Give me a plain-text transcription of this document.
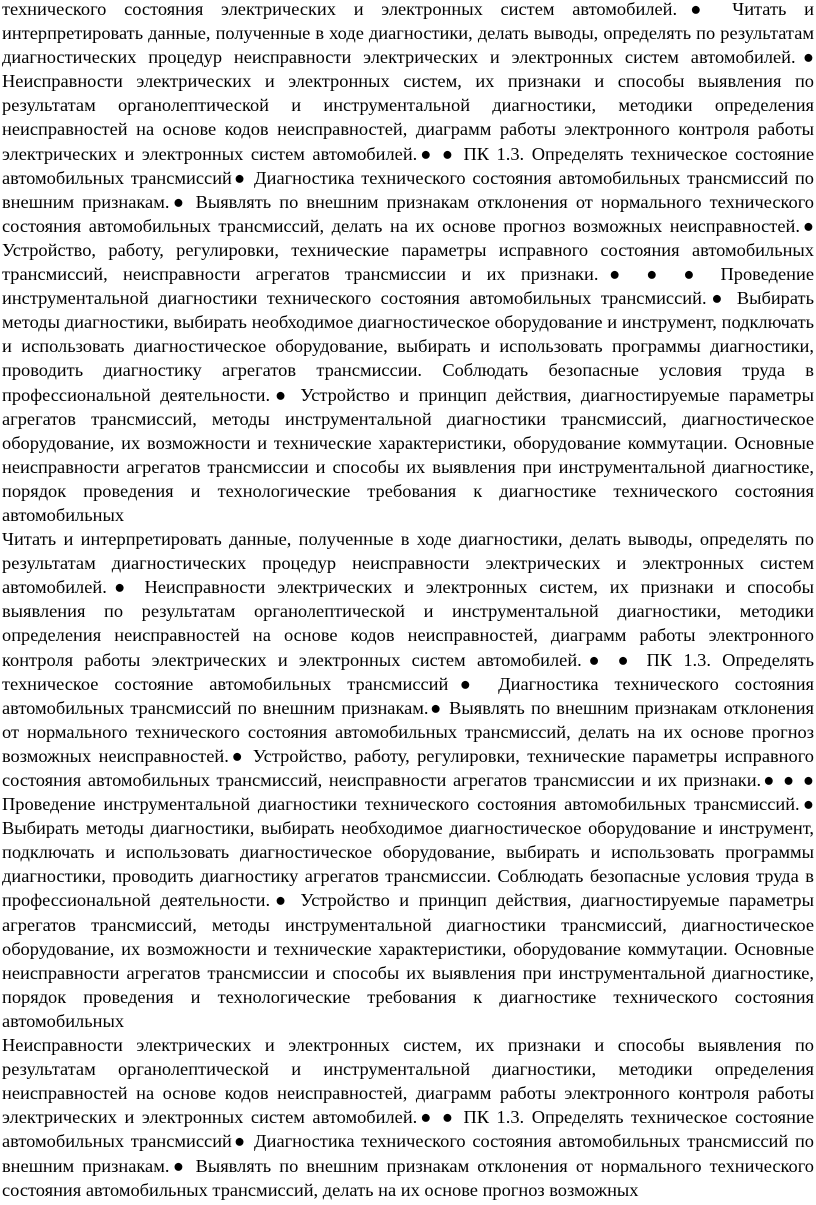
технического состояния электрических и электронных систем автомобилей.● Читать и интерпретировать данные, полученные в ходе диагностики, делать выводы, определять по результатам диагностических процедур неисправности электрических и электронных систем автомобилей.● Неисправности электрических и электронных систем, их признаки и способы выявления по результатам органолептической и инструментальной диагностики, методики определения неисправностей на основе кодов неисправностей, диаграмм работы электронного контроля работы электрических и электронных систем автомобилей.● ● ПК 1.3. Определять техническое состояние автомобильных трансмиссий● Диагностика технического состояния автомобильных трансмиссий по внешним признакам.● Выявлять по внешним признакам отклонения от нормального технического состояния автомобильных трансмиссий, делать на их основе прогноз возможных неисправностей.● Устройство, работу, регулировки, технические параметры исправного состояния автомобильных трансмиссий, неисправности агрегатов трансмиссии и их признаки.● ● ● Проведение инструментальной диагностики технического состояния автомобильных трансмиссий.● Выбирать методы диагностики, выбирать необходимое диагностическое оборудование и инструмент, подключать и использовать диагностическое оборудование, выбирать и использовать программы диагностики, проводить диагностику агрегатов трансмиссии. Соблюдать безопасные условия труда в профессиональной деятельности.● Устройство и принцип действия, диагностируемые параметры агрегатов трансмиссий, методы инструментальной диагностики трансмиссий, диагностическое оборудование, их возможности и технические характеристики, оборудование коммутации. Основные неисправности агрегатов трансмиссии и способы их выявления при инструментальной диагностике, порядок проведения и технологические требования к диагностике технического состояния автомобильных

Читать и интерпретировать данные, полученные в ходе диагностики, делать выводы, определять по результатам диагностических процедур неисправности электрических и электронных систем автомобилей.● Неисправности электрических и электронных систем, их признаки и способы выявления по результатам органолептической и инструментальной диагностики, методики определения неисправностей на основе кодов неисправностей, диаграмм работы электронного контроля работы электрических и электронных систем автомобилей.● ● ПК 1.3. Определять техническое состояние автомобильных трансмиссий● Диагностика технического состояния автомобильных трансмиссий по внешним признакам.● Выявлять по внешним признакам отклонения от нормального технического состояния автомобильных трансмиссий, делать на их основе прогноз возможных неисправностей.● Устройство, работу, регулировки, технические параметры исправного состояния автомобильных трансмиссий, неисправности агрегатов трансмиссии и их признаки.● ● ● Проведение инструментальной диагностики технического состояния автомобильных трансмиссий.● Выбирать методы диагностики, выбирать необходимое диагностическое оборудование и инструмент, подключать и использовать диагностическое оборудование, выбирать и использовать программы диагностики, проводить диагностику агрегатов трансмиссии. Соблюдать безопасные условия труда в профессиональной деятельности.● Устройство и принцип действия, диагностируемые параметры агрегатов трансмиссий, методы инструментальной диагностики трансмиссий, диагностическое оборудование, их возможности и технические характеристики, оборудование коммутации. Основные неисправности агрегатов трансмиссии и способы их выявления при инструментальной диагностике, порядок проведения и технологические требования к диагностике технического состояния автомобильных

Неисправности электрических и электронных систем, их признаки и способы выявления по результатам органолептической и инструментальной диагностики, методики определения неисправностей на основе кодов неисправностей, диаграмм работы электронного контроля работы электрических и электронных систем автомобилей.● ● ПК 1.3. Определять техническое состояние автомобильных трансмиссий● Диагностика технического состояния автомобильных трансмиссий по внешним признакам.● Выявлять по внешним признакам отклонения от нормального технического состояния автомобильных трансмиссий, делать на их основе прогноз возможных
